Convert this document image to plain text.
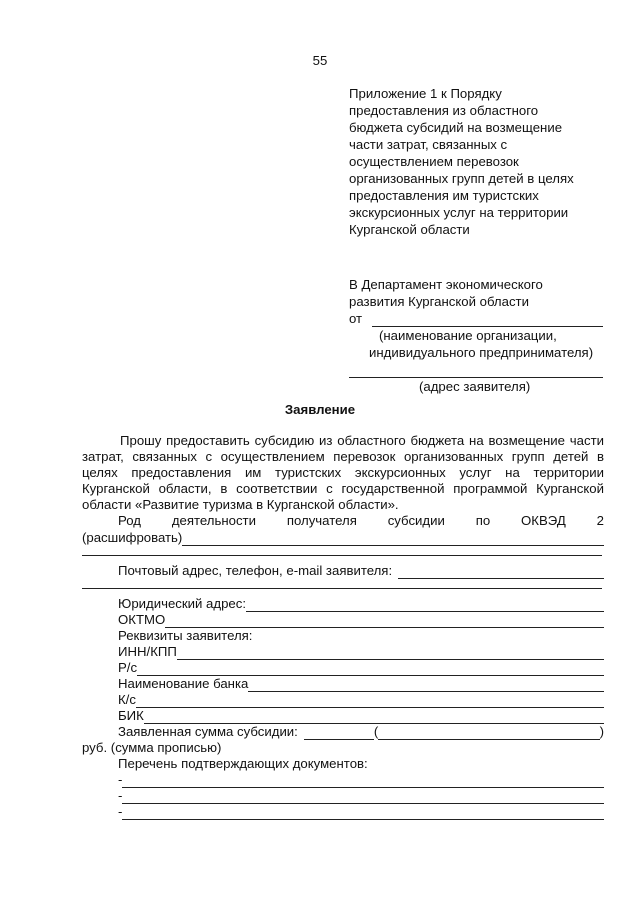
55
Приложение 1 к Порядку
предоставления из областного
бюджета субсидий на возмещение
части затрат, связанных с
осуществлением перевозок
организованных групп детей в целях
предоставления им туристских
экскурсионных услуг на территории
Курганской области
В Департамент экономического
развития Курганской области
от
(наименование организации,
индивидуального предпринимателя)
(адрес заявителя)
Заявление

Прошу предоставить субсидию из областного бюджета на возмещение части затрат, связанных с осуществлением перевозок организованных групп детей в целях предоставления им туристских экскурсионных услуг на территории Курганской области, в соответствии с государственной программой Курганской области «Развитие туризма в Курганской области».

Род деятельности получателя субсидии по ОКВЭД 2
(расшифровать)
Почтовый адрес, телефон, e-mail заявителя:
Юридический адрес:
ОКТМО
Реквизиты заявителя:
ИНН/КПП
Р/с
Наименование банка
К/с
БИК
Заявленная сумма субсидии:	(	)
руб. (сумма прописью)
Перечень подтверждающих документов:
-
-
-
